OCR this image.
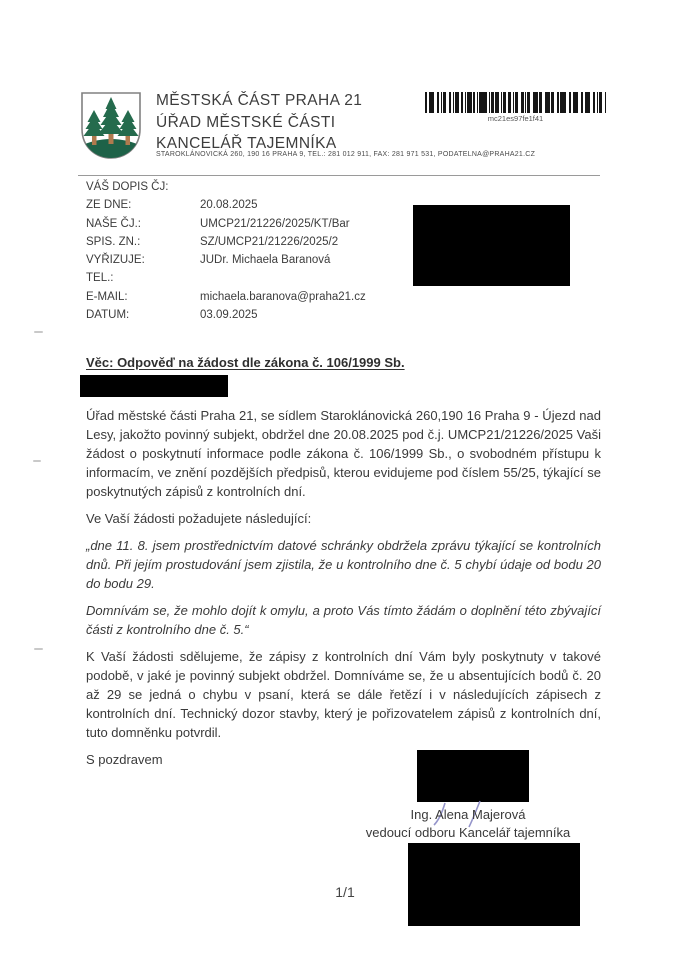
MĚSTSKÁ ČÁST PRAHA 21
ÚŘAD MĚSTSKÉ ČÁSTI
KANCELÁŘ TAJEMNÍKA
STAROKLÁNOVICKÁ 260, 190 16 PRAHA 9, TEL.: 281 012 911, FAX: 281 971 531, PODATELNA@PRAHA21.CZ
mc21es97fe1f41
VÁŠ DOPIS ČJ:
ZE DNE:	20.08.2025
NAŠE ČJ.:	UMCP21/21226/2025/KT/Bar
SPIS. ZN.:	SZ/UMCP21/21226/2025/2
VYŘIZUJE:	JUDr. Michaela Baranová
TEL.:
E-MAIL:	michaela.baranova@praha21.cz
DATUM:	03.09.2025
Věc: Odpověď na žádost dle zákona č. 106/1999 Sb.

Úřad městské části Praha 21, se sídlem Staroklánovická 260,190 16 Praha 9 - Újezd nad Lesy, jakožto povinný subjekt, obdržel dne 20.08.2025 pod č.j. UMCP21/21226/2025 Vaši žádost o poskytnutí informace podle zákona č. 106/1999 Sb., o svobodném přístupu k informacím, ve znění pozdějších předpisů, kterou evidujeme pod číslem 55/25, týkající se poskytnutých zápisů z kontrolních dní.

Ve Vaší žádosti požadujete následující:

„dne 11. 8. jsem prostřednictvím datové schránky obdržela zprávu týkající se kontrolních dnů. Při jejím prostudování jsem zjistila, že u kontrolního dne č. 5 chybí údaje od bodu 20 do bodu 29.

Domnívám se, že mohlo dojít k omylu, a proto Vás tímto žádám o doplnění této zbývající části z kontrolního dne č. 5.“

K Vaší žádosti sdělujeme, že zápisy z kontrolních dní Vám byly poskytnuty v takové podobě, v jaké je povinný subjekt obdržel. Domníváme se, že u absentujících bodů č. 20 až 29 se jedná o chybu v psaní, která se dále řetězí i v následujících zápisech z kontrolních dní. Technický dozor stavby, který je pořizovatelem zápisů z kontrolních dní, tuto domněnku potvrdil.

S pozdravem

Ing. Alena Majerová
vedoucí odboru Kancelář tajemníka
1/1
